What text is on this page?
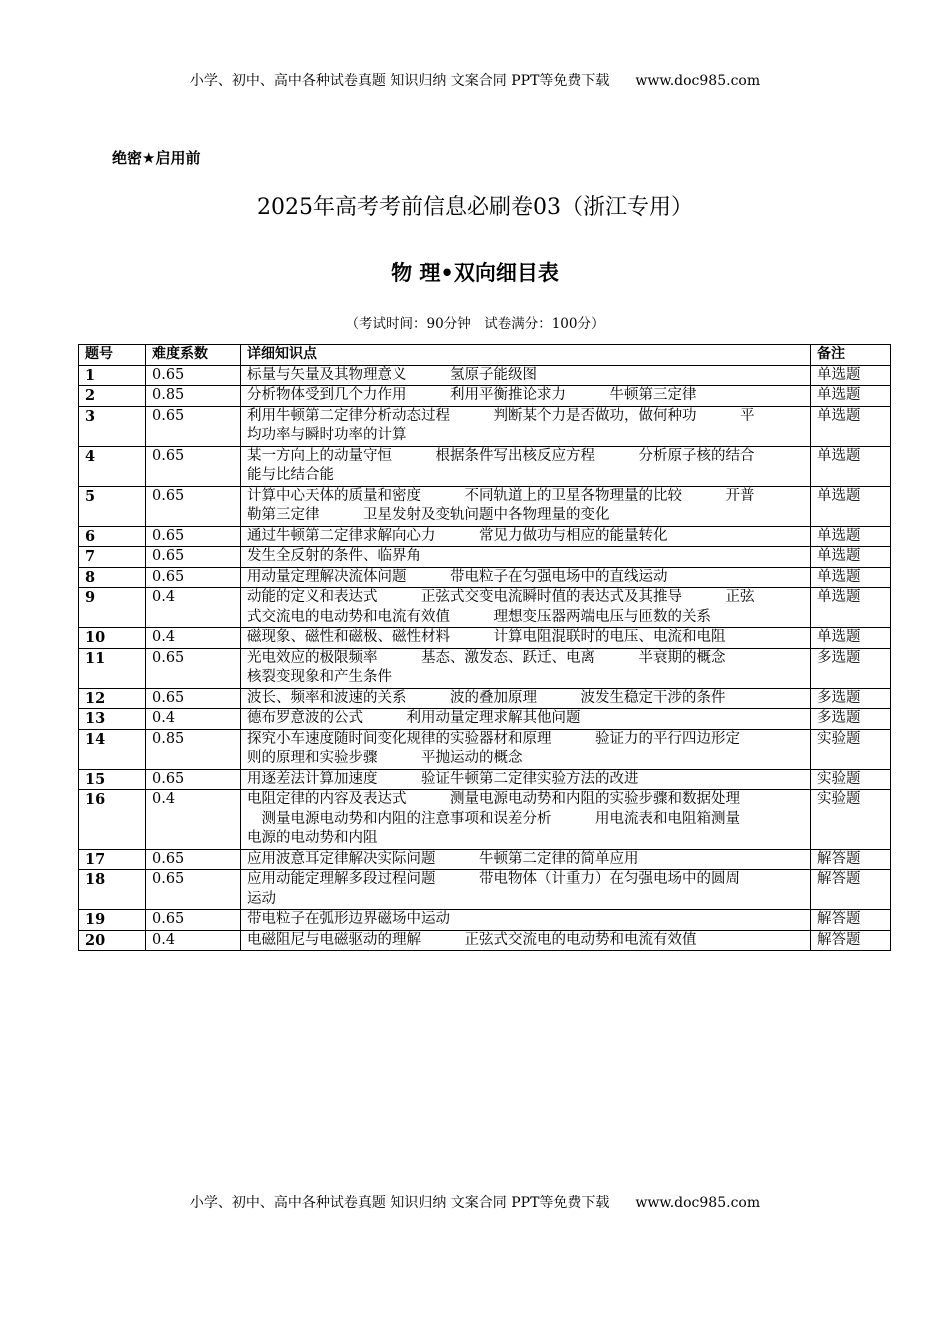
小学、初中、高中各种试卷真题 知识归纳 文案合同 PPT等免费下载 www.doc985.com
绝密★启用前
2025年高考考前信息必刷卷03（浙江专用）
物 理•双向细目表
（考试时间：90分钟　试卷满分：100分）
题号	难度系数	详细知识点	备注
1	0.65	标量与矢量及其物理意义　　　氢原子能级图	单选题
2	0.85	分析物体受到几个力作用　　　利用平衡推论求力　　　牛顿第三定律	单选题
3	0.65	利用牛顿第二定律分析动态过程　　　判断某个力是否做功，做何种功　　　平
均功率与瞬时功率的计算	单选题
4	0.65	某一方向上的动量守恒　　　根据条件写出核反应方程　　　分析原子核的结合
能与比结合能	单选题
5	0.65	计算中心天体的质量和密度　　　不同轨道上的卫星各物理量的比较　　　开普
勒第三定律　　　卫星发射及变轨问题中各物理量的变化	单选题
6	0.65	通过牛顿第二定律求解向心力　　　常见力做功与相应的能量转化	单选题
7	0.65	发生全反射的条件、临界角	单选题
8	0.65	用动量定理解决流体问题　　　带电粒子在匀强电场中的直线运动	单选题
9	0.4	动能的定义和表达式　　　正弦式交变电流瞬时值的表达式及其推导　　　正弦
式交流电的电动势和电流有效值　　　理想变压器两端电压与匝数的关系	单选题
10	0.4	磁现象、磁性和磁极、磁性材料　　　计算电阻混联时的电压、电流和电阻	单选题
11	0.65	光电效应的极限频率　　　基态、激发态、跃迁、电离　　　半衰期的概念
核裂变现象和产生条件	多选题
12	0.65	波长、频率和波速的关系　　　波的叠加原理　　　波发生稳定干涉的条件	多选题
13	0.4	德布罗意波的公式　　　利用动量定理求解其他问题	多选题
14	0.85	探究小车速度随时间变化规律的实验器材和原理　　　验证力的平行四边形定
则的原理和实验步骤　　　平抛运动的概念	实验题
15	0.65	用逐差法计算加速度　　　验证牛顿第二定律实验方法的改进	实验题
16	0.4	电阻定律的内容及表达式　　　测量电源电动势和内阻的实验步骤和数据处理
　测量电源电动势和内阻的注意事项和误差分析　　　用电流表和电阻箱测量
电源的电动势和内阻	实验题
17	0.65	应用波意耳定律解决实际问题　　　牛顿第二定律的简单应用	解答题
18	0.65	应用动能定理解多段过程问题　　　带电物体（计重力）在匀强电场中的圆周
运动	解答题
19	0.65	带电粒子在弧形边界磁场中运动	解答题
20	0.4	电磁阻尼与电磁驱动的理解　　　正弦式交流电的电动势和电流有效值	解答题
小学、初中、高中各种试卷真题 知识归纳 文案合同 PPT等免费下载 www.doc985.com
